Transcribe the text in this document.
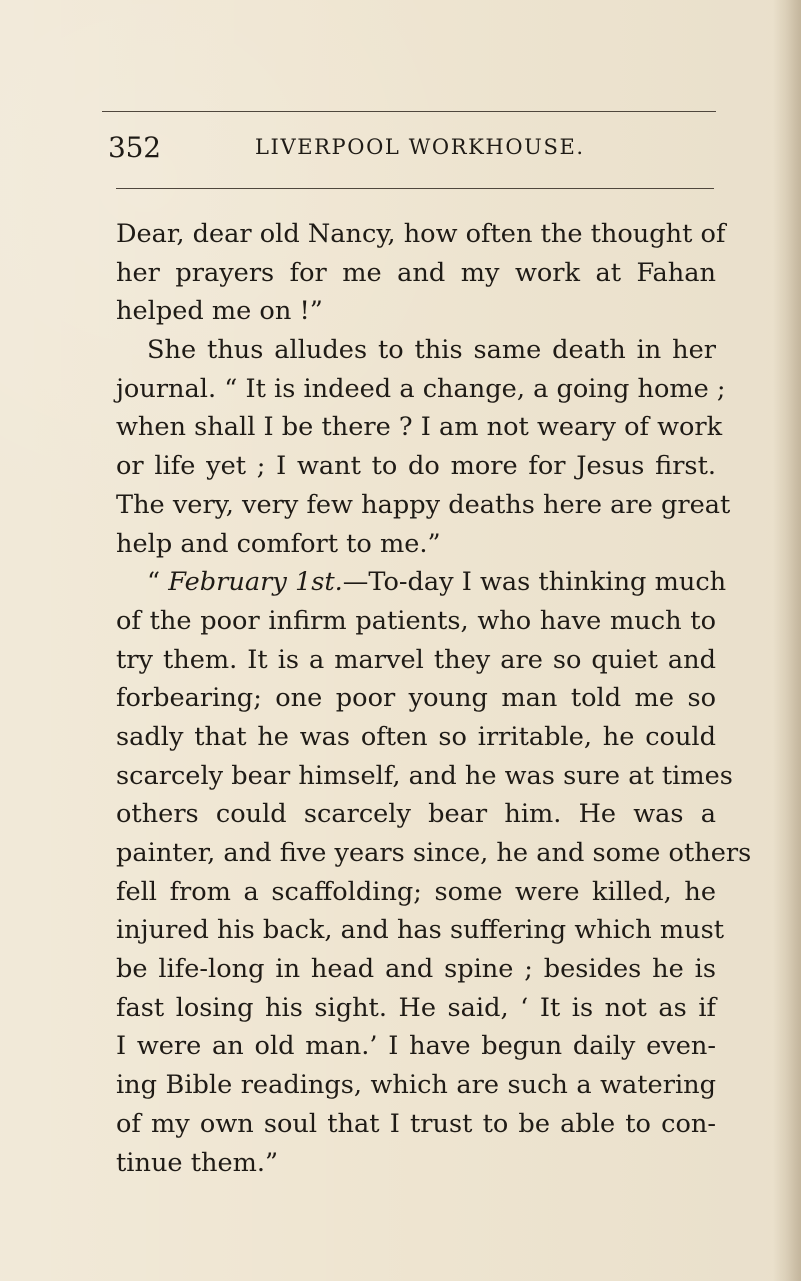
352	LIVERPOOL WORKHOUSE.
Dear, dear old Nancy, how often the thought of
her prayers for me and my work at Fahan
helped me on !”
She thus alludes to this same death in her
journal. “ It is indeed a change, a going home ;
when shall I be there ? I am not weary of work
or life yet ; I want to do more for Jesus first.
The very, very few happy deaths here are great
help and comfort to me.”
“ February 1st.—To-day I was thinking much
of the poor infirm patients, who have much to
try them. It is a marvel they are so quiet and
forbearing; one poor young man told me so
sadly that he was often so irritable, he could
scarcely bear himself, and he was sure at times
others could scarcely bear him. He was a
painter, and five years since, he and some others
fell from a scaffolding; some were killed, he
injured his back, and has suffering which must
be life-long in head and spine ; besides he is
fast losing his sight. He said, ‘ It is not as if
I were an old man.’ I have begun daily even-
ing Bible readings, which are such a watering
of my own soul that I trust to be able to con-
tinue them.”
